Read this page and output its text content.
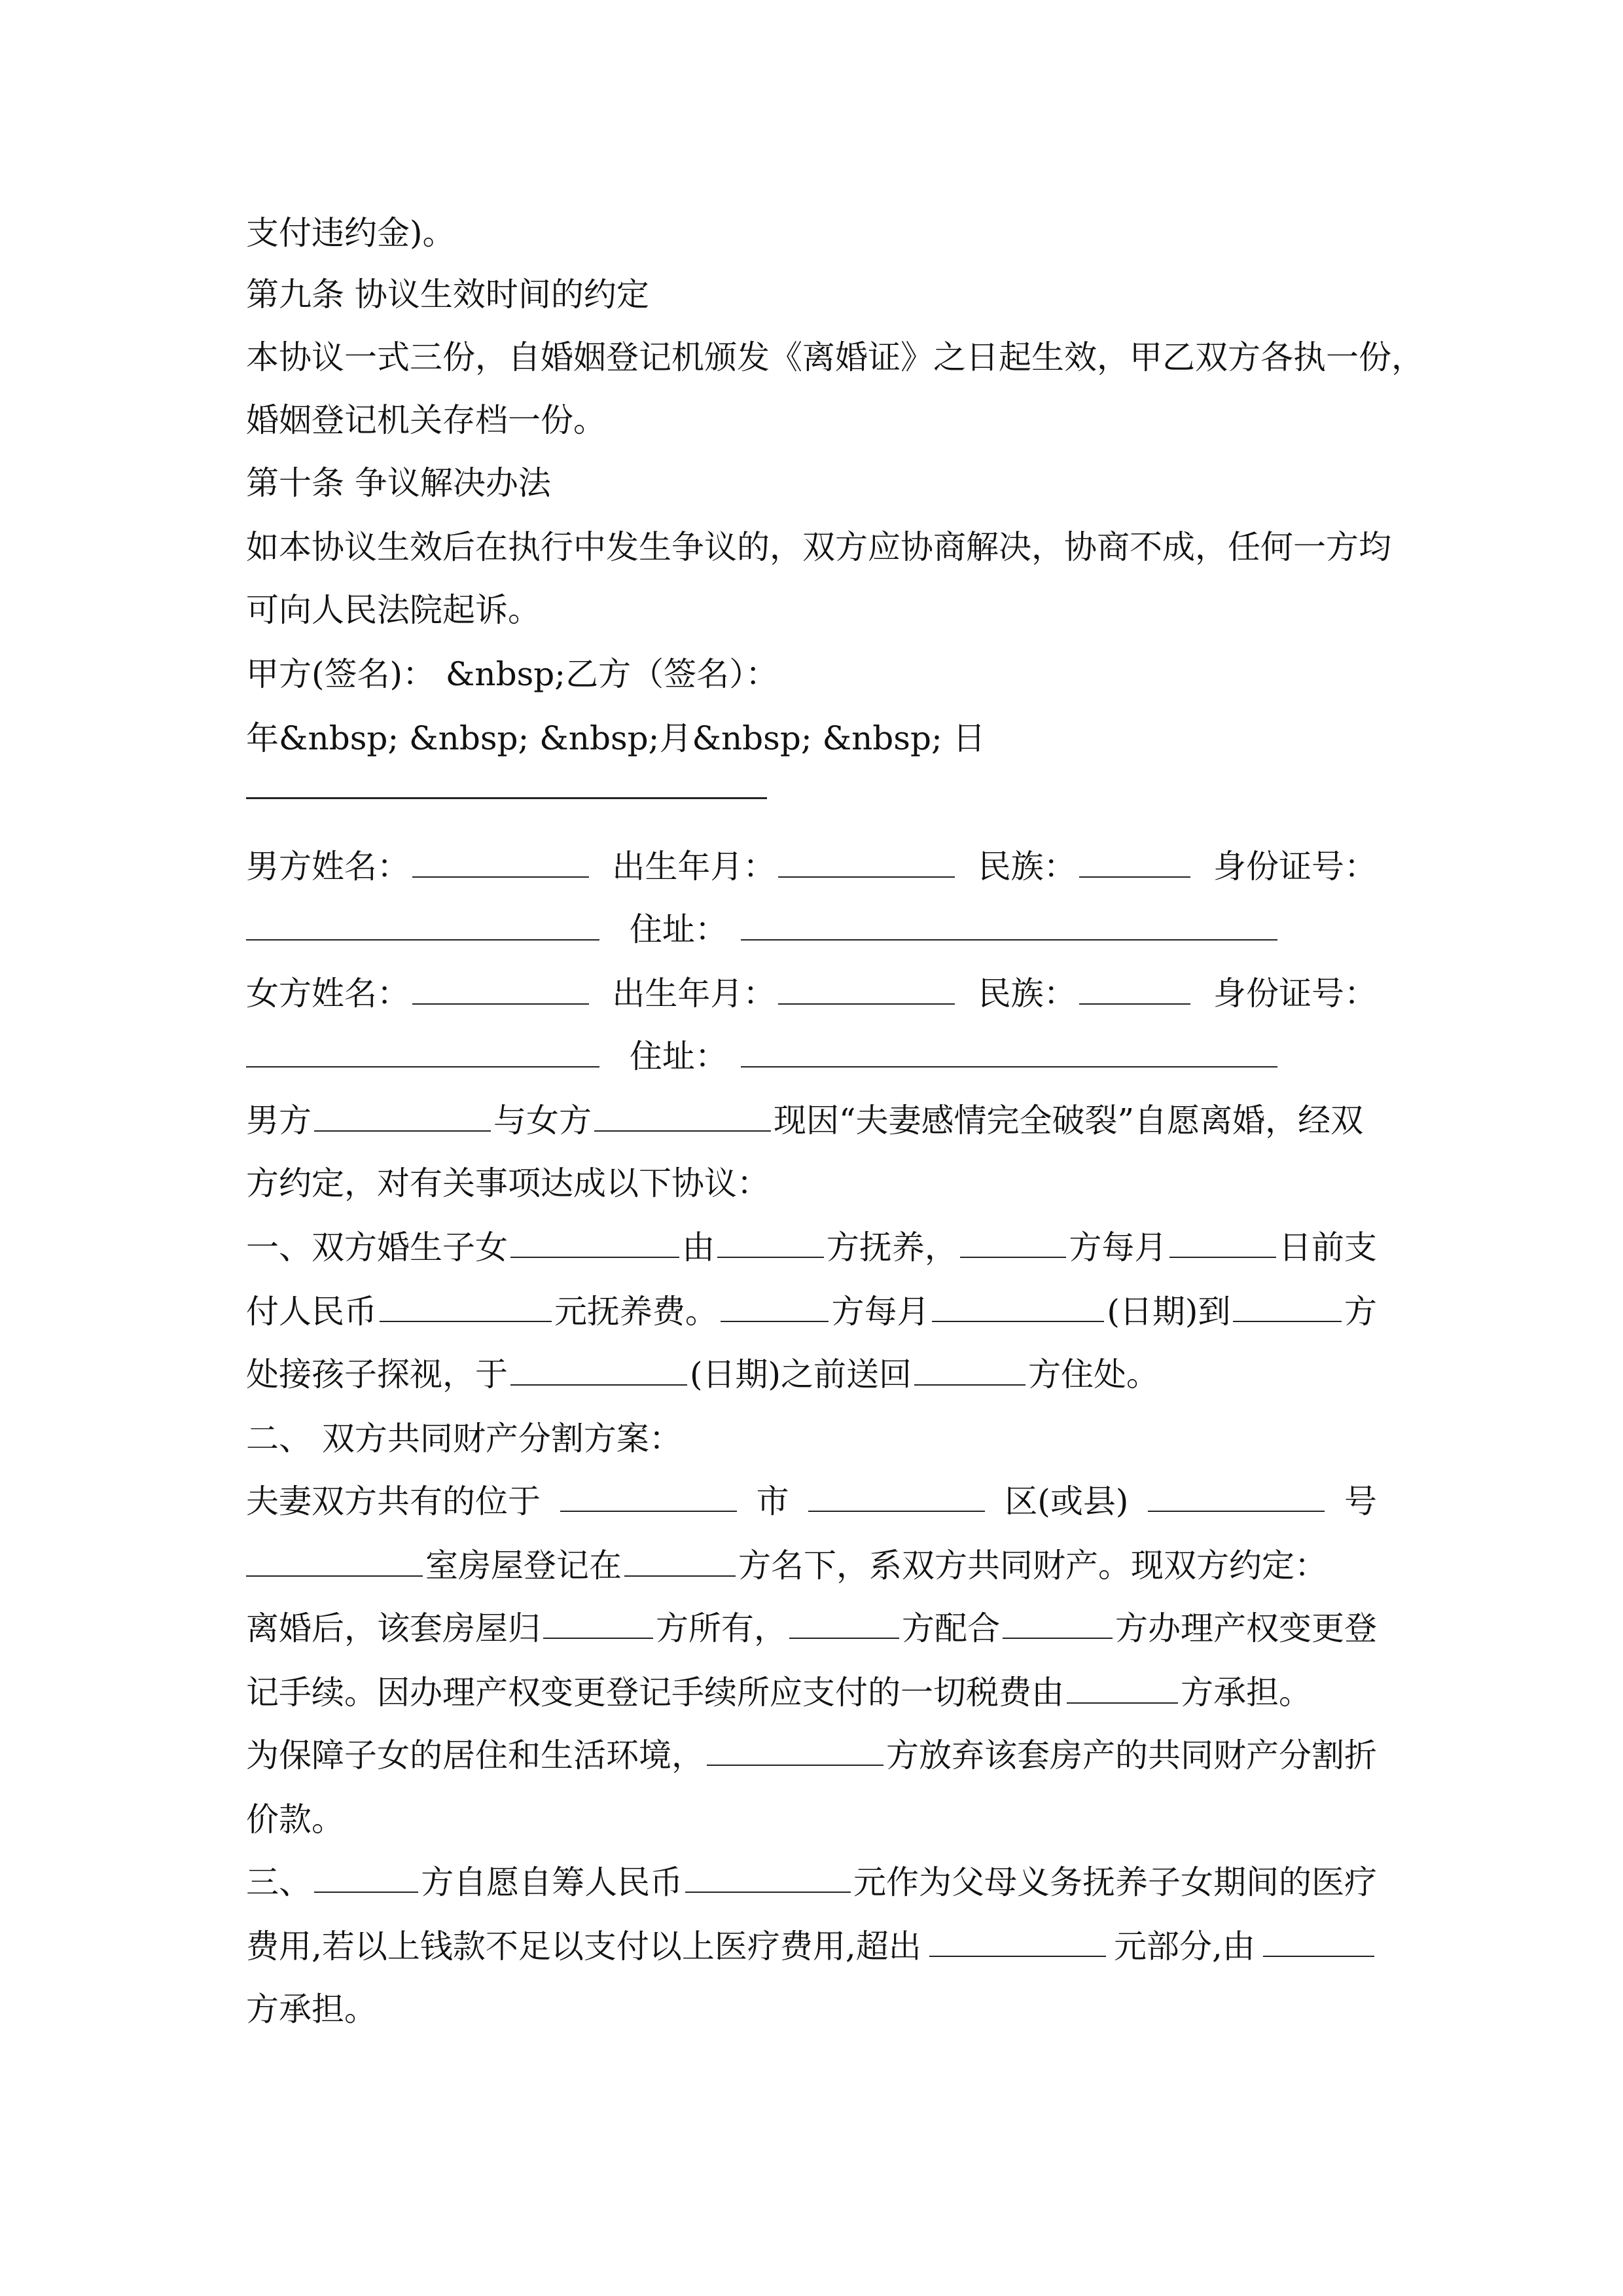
支付违约金)。
第九条 协议生效时间的约定
本协议一式三份，自婚姻登记机颁发《离婚证》之日起生效，甲乙双方各执一份，
婚姻登记机关存档一份。
第十条 争议解决办法
如本协议生效后在执行中发生争议的，双方应协商解决，协商不成，任何一方均
可向人民法院起诉。
甲方(签名)： &nbsp;乙方（签名）：
年&nbsp; &nbsp; &nbsp;月&nbsp; &nbsp; 日
男方姓名：	出生年月：	民族：	身份证号：
住址：
女方姓名：	出生年月：	民族：	身份证号：
住址：
男方	与女方	现因“夫妻感情完全破裂”自愿离婚，经双
方约定，对有关事项达成以下协议：
一、双方婚生子女	由	方抚养，	方每月	日前支
付人民币	元抚养费。	方每月	(日期)到	方
处接孩子探视，于	(日期)之前送回	方住处。
二、 双方共同财产分割方案：
夫妻双方共有的位于	市	区(或县)	号
室房屋登记在	方名下，系双方共同财产。现双方约定：
离婚后，该套房屋归	方所有，	方配合	方办理产权变更登
记手续。因办理产权变更登记手续所应支付的一切税费由	方承担。
为保障子女的居住和生活环境，	方放弃该套房产的共同财产分割折
价款。
三、	方自愿自筹人民币	元作为父母义务抚养子女期间的医疗
费用,若以上钱款不足以支付以上医疗费用,超出	元部分,由
方承担。
